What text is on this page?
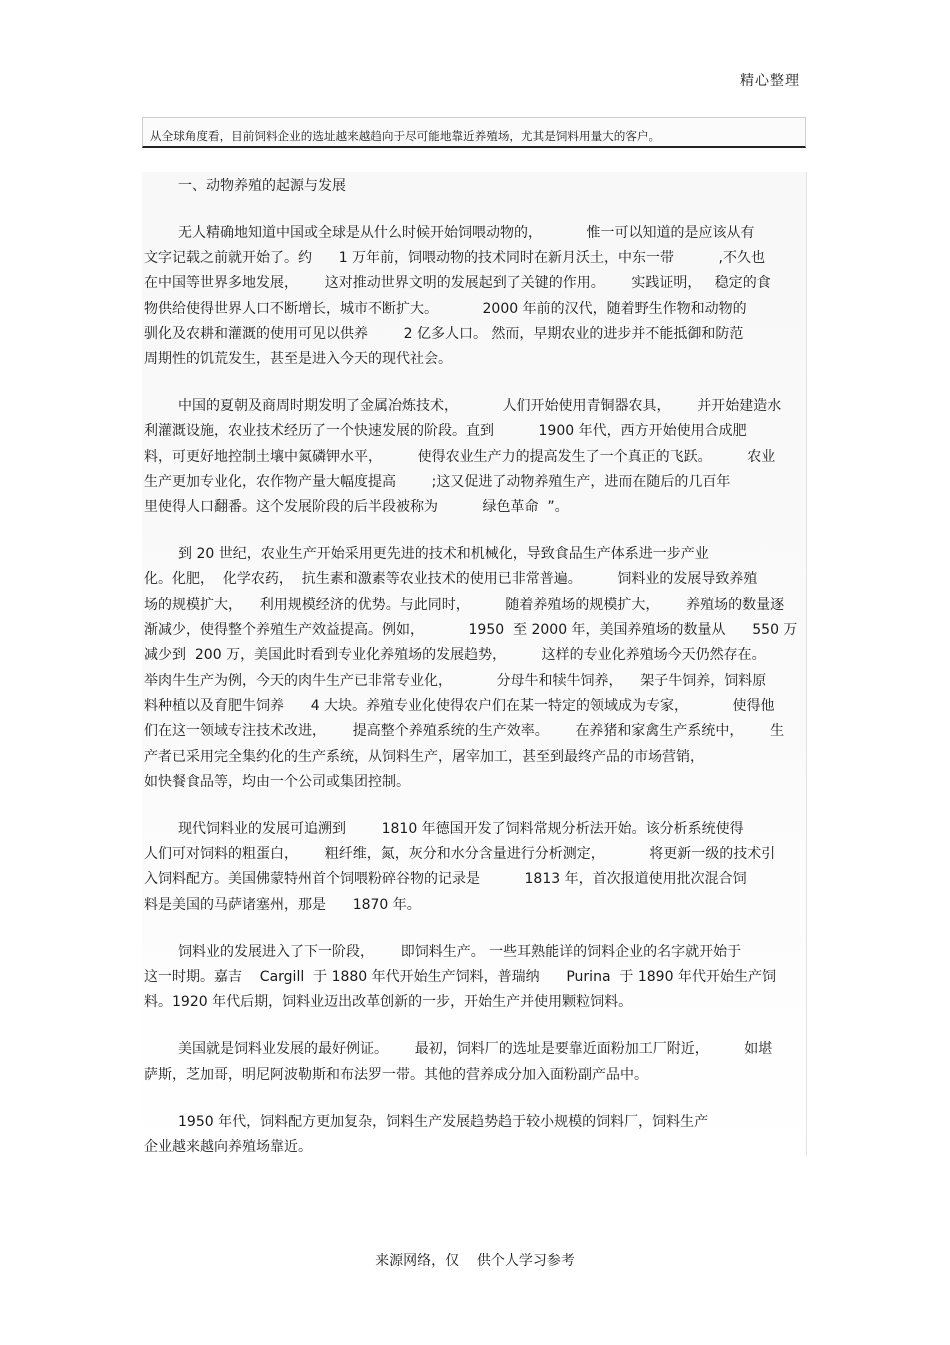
精心整理
从全球角度看，目前饲料企业的选址越来越趋向于尽可能地靠近养殖场，尤其是饲料用量大的客户。
一、动物养殖的起源与发展
无人精确地知道中国或全球是从什么时候开始饲喂动物的，          惟一可以知道的是应该从有
文字记载之前就开始了。约      1 万年前，饲喂动物的技术同时在新月沃土，中东一带          ,不久也
在中国等世界多地发展，      这对推动世界文明的发展起到了关键的作用。      实践证明，   稳定的食
物供给使得世界人口不断增长，城市不断扩大。          2000 年前的汉代，随着野生作物和动物的
驯化及农耕和灌溉的使用可见以供养        2 亿多人口。 然而，早期农业的进步并不能抵御和防范
周期性的饥荒发生，甚至是进入今天的现代社会。
中国的夏朝及商周时期发明了金属冶炼技术，          人们开始使用青铜器农具，      并开始建造水
利灌溉设施，农业技术经历了一个快速发展的阶段。直到          1900 年代，西方开始使用合成肥
料，可更好地控制土壤中氮磷钾水平，        使得农业生产力的提高发生了一个真正的飞跃。        农业
生产更加专业化，农作物产量大幅度提高        ;这又促进了动物养殖生产，进而在随后的几百年
里使得人口翻番。这个发展阶段的后半段被称为          绿色革命  ”。
到 20 世纪，农业生产开始采用更先进的技术和机械化，导致食品生产体系进一步产业
化。化肥，  化学农药，  抗生素和激素等农业技术的使用已非常普遍。        饲料业的发展导致养殖
场的规模扩大，    利用规模经济的优势。与此同时，        随着养殖场的规模扩大，      养殖场的数量逐
渐减少，使得整个养殖生产效益提高。例如，          1950  至 2000 年，美国养殖场的数量从      550 万
减少到  200 万，美国此时看到专业化养殖场的发展趋势，        这样的专业化养殖场今天仍然存在。
举肉牛生产为例，今天的肉牛生产已非常专业化，          分母牛和犊牛饲养，    架子牛饲养，饲料原
料种植以及育肥牛饲养      4 大块。养殖专业化使得农户们在某一特定的领域成为专家，          使得他
们在这一领域专注技术改进，      提高整个养殖系统的生产效率。      在养猪和家禽生产系统中，      生
产者已采用完全集约化的生产系统，从饲料生产，屠宰加工，甚至到最终产品的市场营销，
如快餐食品等，均由一个公司或集团控制。
现代饲料业的发展可追溯到        1810 年德国开发了饲料常规分析法开始。该分析系统使得
人们可对饲料的粗蛋白，      粗纤维，氮，灰分和水分含量进行分析测定，          将更新一级的技术引
入饲料配方。美国佛蒙特州首个饲喂粉碎谷物的记录是          1813 年，首次报道使用批次混合饲
料是美国的马萨诸塞州，那是      1870 年。
饲料业的发展进入了下一阶段，      即饲料生产。 一些耳熟能详的饲料企业的名字就开始于
这一时期。嘉吉    Cargill  于 1880 年代开始生产饲料，普瑞纳      Purina  于 1890 年代开始生产饲
料。1920 年代后期，饲料业迈出改革创新的一步，开始生产并使用颗粒饲料。
美国就是饲料业发展的最好例证。      最初，饲料厂的选址是要靠近面粉加工厂附近，        如堪
萨斯，芝加哥，明尼阿波勒斯和布法罗一带。其他的营养成分加入面粉副产品中。
1950 年代，饲料配方更加复杂，饲料生产发展趋势趋于较小规模的饲料厂，饲料生产
企业越来越向养殖场靠近。
来源网络，仅    供个人学习参考
